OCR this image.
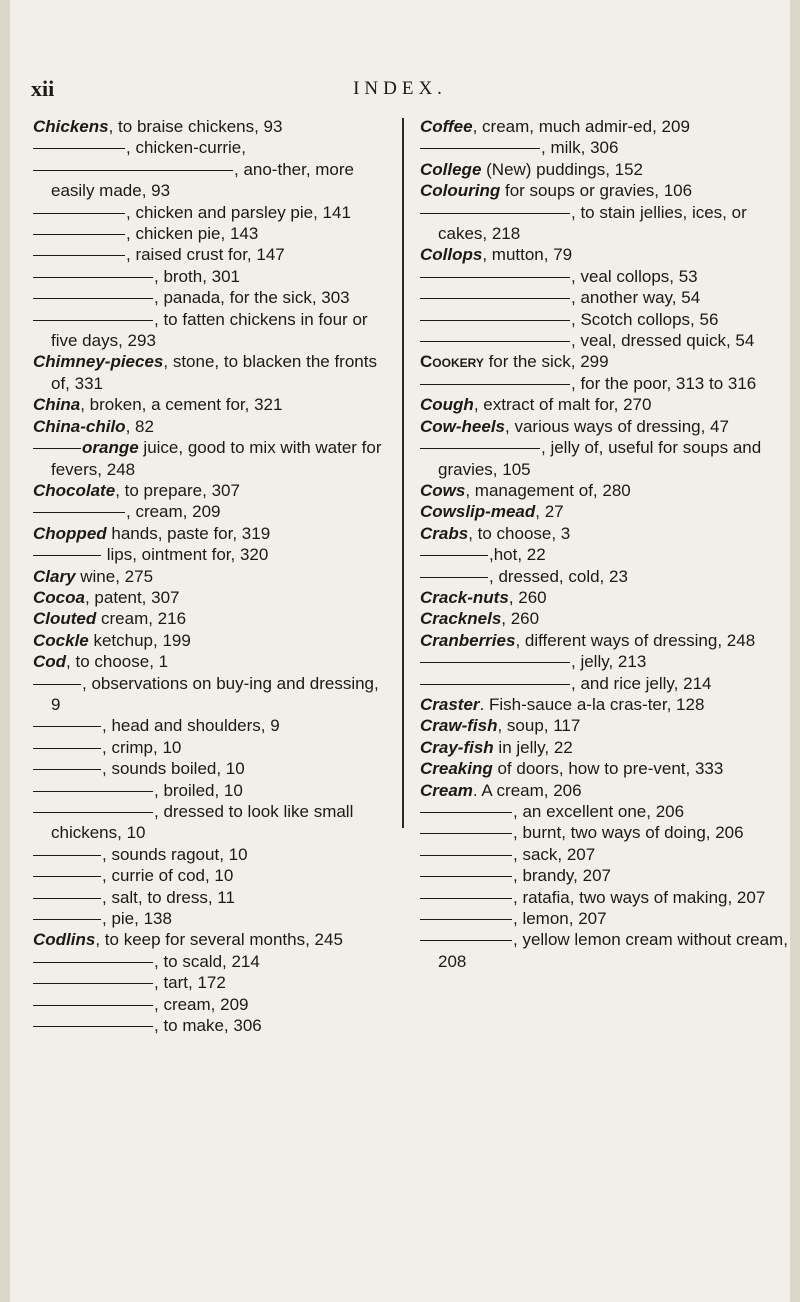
xii	INDEX.

Chickens, to braise chickens, 93

, chicken-currie,

, ano-ther, more easily made, 93

, chicken and parsley pie, 141

, chicken pie, 143

, raised crust for, 147

, broth, 301

, panada, for the sick, 303

, to fatten chickens in four or five days, 293

Chimney-pieces, stone, to blacken the fronts of, 331

China, broken, a cement for, 321

China-chilo, 82

orange juice, good to mix with water for fevers, 248

Chocolate, to prepare, 307

, cream, 209

Chopped hands, paste for, 319

lips, ointment for, 320

Clary wine, 275

Cocoa, patent, 307

Clouted cream, 216

Cockle ketchup, 199

Cod, to choose, 1

, observations on buy-ing and dressing, 9

, head and shoulders, 9

, crimp, 10

, sounds boiled, 10

, broiled, 10

, dressed to look like small chickens, 10

, sounds ragout, 10

, currie of cod, 10

, salt, to dress, 11

, pie, 138

Codlins, to keep for several months, 245

, to scald, 214

, tart, 172

, cream, 209

, to make, 306

Coffee, cream, much admir-ed, 209

, milk, 306

College (New) puddings, 152

Colouring for soups or gravies, 106

, to stain jellies, ices, or cakes, 218

Collops, mutton, 79

, veal collops, 53

, another way, 54

, Scotch collops, 56

, veal, dressed quick, 54

Cookery for the sick, 299

, for the poor, 313 to 316

Cough, extract of malt for, 270

Cow-heels, various ways of dressing, 47

, jelly of, useful for soups and gravies, 105

Cows, management of, 280

Cowslip-mead, 27

Crabs, to choose, 3

,hot, 22

, dressed, cold, 23

Crack-nuts, 260

Cracknels, 260

Cranberries, different ways of dressing, 248

, jelly, 213

, and rice jelly, 214

Craster. Fish-sauce a-la cras-ter, 128

Craw-fish, soup, 117

Cray-fish in jelly, 22

Creaking of doors, how to pre-vent, 333

Cream. A cream, 206

, an excellent one, 206

, burnt, two ways of doing, 206

, sack, 207

, brandy, 207

, ratafia, two ways of making, 207

, lemon, 207

, yellow lemon cream without cream, 208
